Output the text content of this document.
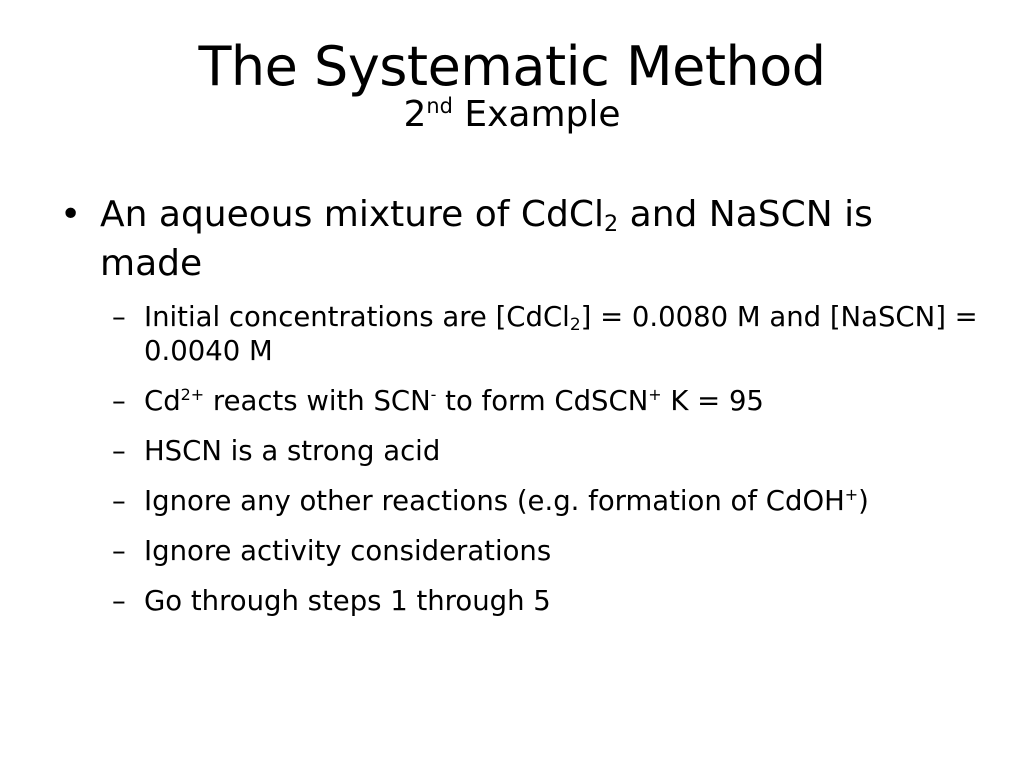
The Systematic Method
2nd Example
• An aqueous mixture of CdCl$_2$ and NaSCN is made
– Initial concentrations are [CdCl$_2$] = 0.0080 M and [NaSCN] = 0.0040 M
– $Cd^{2+}$ reacts with SCN- to form CdSCN+ K = 95
– HSCN is a strong acid
– Ignore any other reactions (e.g. formation of CdOH+)
– Ignore activity considerations
– Go through steps 1 through 5
